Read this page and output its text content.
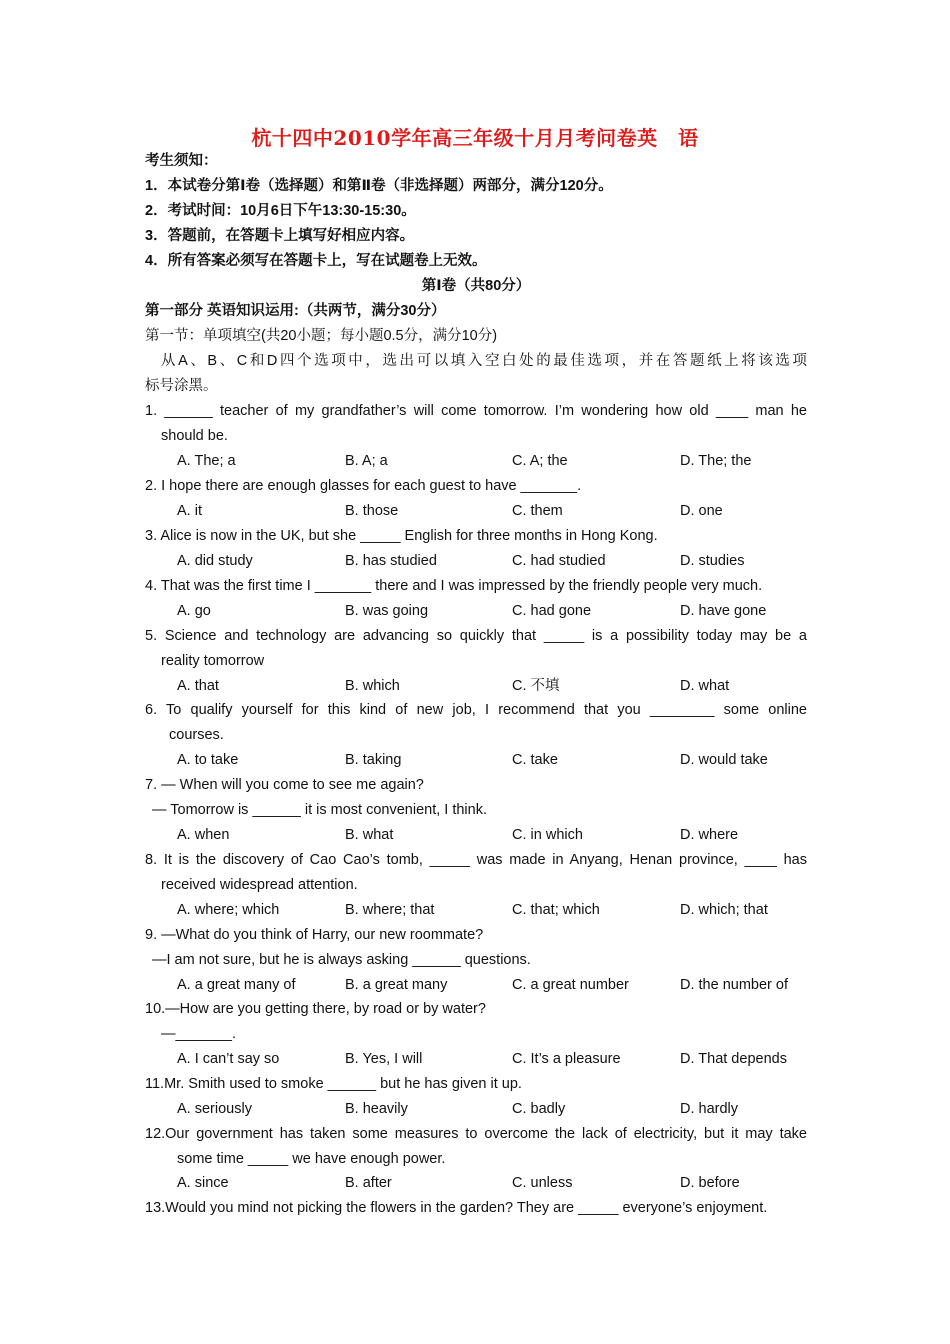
杭十四中2010学年高三年级十月月考问卷英　语
考生须知：
1．本试卷分第Ⅰ卷（选择题）和第Ⅱ卷（非选择题）两部分，满分120分。
2．考试时间：10月6日下午13:30-15:30。
3．答题前，在答题卡上填写好相应内容。
4．所有答案必须写在答题卡上，写在试题卷上无效。
第Ⅰ卷（共80分）
第一部分 英语知识运用:（共两节，满分30分）
第一节：单项填空(共20小题；每小题0.5分，满分10分)
从A、B、C和D四个选项中，选出可以填入空白处的最佳选项，并在答题纸上将该选项
标号涂黑。
1. ______ teacher of my grandfather’s will come tomorrow. I’m wondering how old ____ man he
should be.
A. The; a	B. A; a	C. A; the	D. The; the
2. I hope there are enough glasses for each guest to have _______.
A. it	B. those	C. them	D. one
3. Alice is now in the UK, but she _____ English for three months in Hong Kong.
A. did study	B. has studied	C. had studied	D. studies
4. That was the first time I _______ there and I was impressed by the friendly people very much.
A. go	B. was going	C. had gone	D. have gone
5. Science and technology are advancing so quickly that _____ is a possibility today may be a
reality tomorrow
A. that	B. which	C. 不填	D. what
6. To qualify yourself for this kind of new job, I recommend that you ________ some online
courses.
A. to take	B. taking	C. take	D. would take
7. — When will you come to see me again?
— Tomorrow is ______ it is most convenient, I think.
A. when	B. what	C. in which	D. where
8. It is the discovery of Cao Cao’s tomb, _____ was made in Anyang, Henan province, ____ has
received widespread attention.
A. where; which	B. where; that	C. that; which	D. which; that
9. —What do you think of Harry, our new roommate?
—I am not sure, but he is always asking ______ questions.
A. a great many of	B. a great many	C. a great number	D. the number of
10.—How are you getting there, by road or by water?
—_______.
A. I can’t say so	B. Yes, I will	C. It’s a pleasure	D. That depends
11.Mr. Smith used to smoke ______ but he has given it up.
A. seriously	B. heavily	C. badly	D. hardly
12.Our government has taken some measures to overcome the lack of electricity, but it may take
some time _____ we have enough power.
A. since	B. after	C. unless	D. before
13.Would you mind not picking the flowers in the garden? They are _____ everyone’s enjoyment.
